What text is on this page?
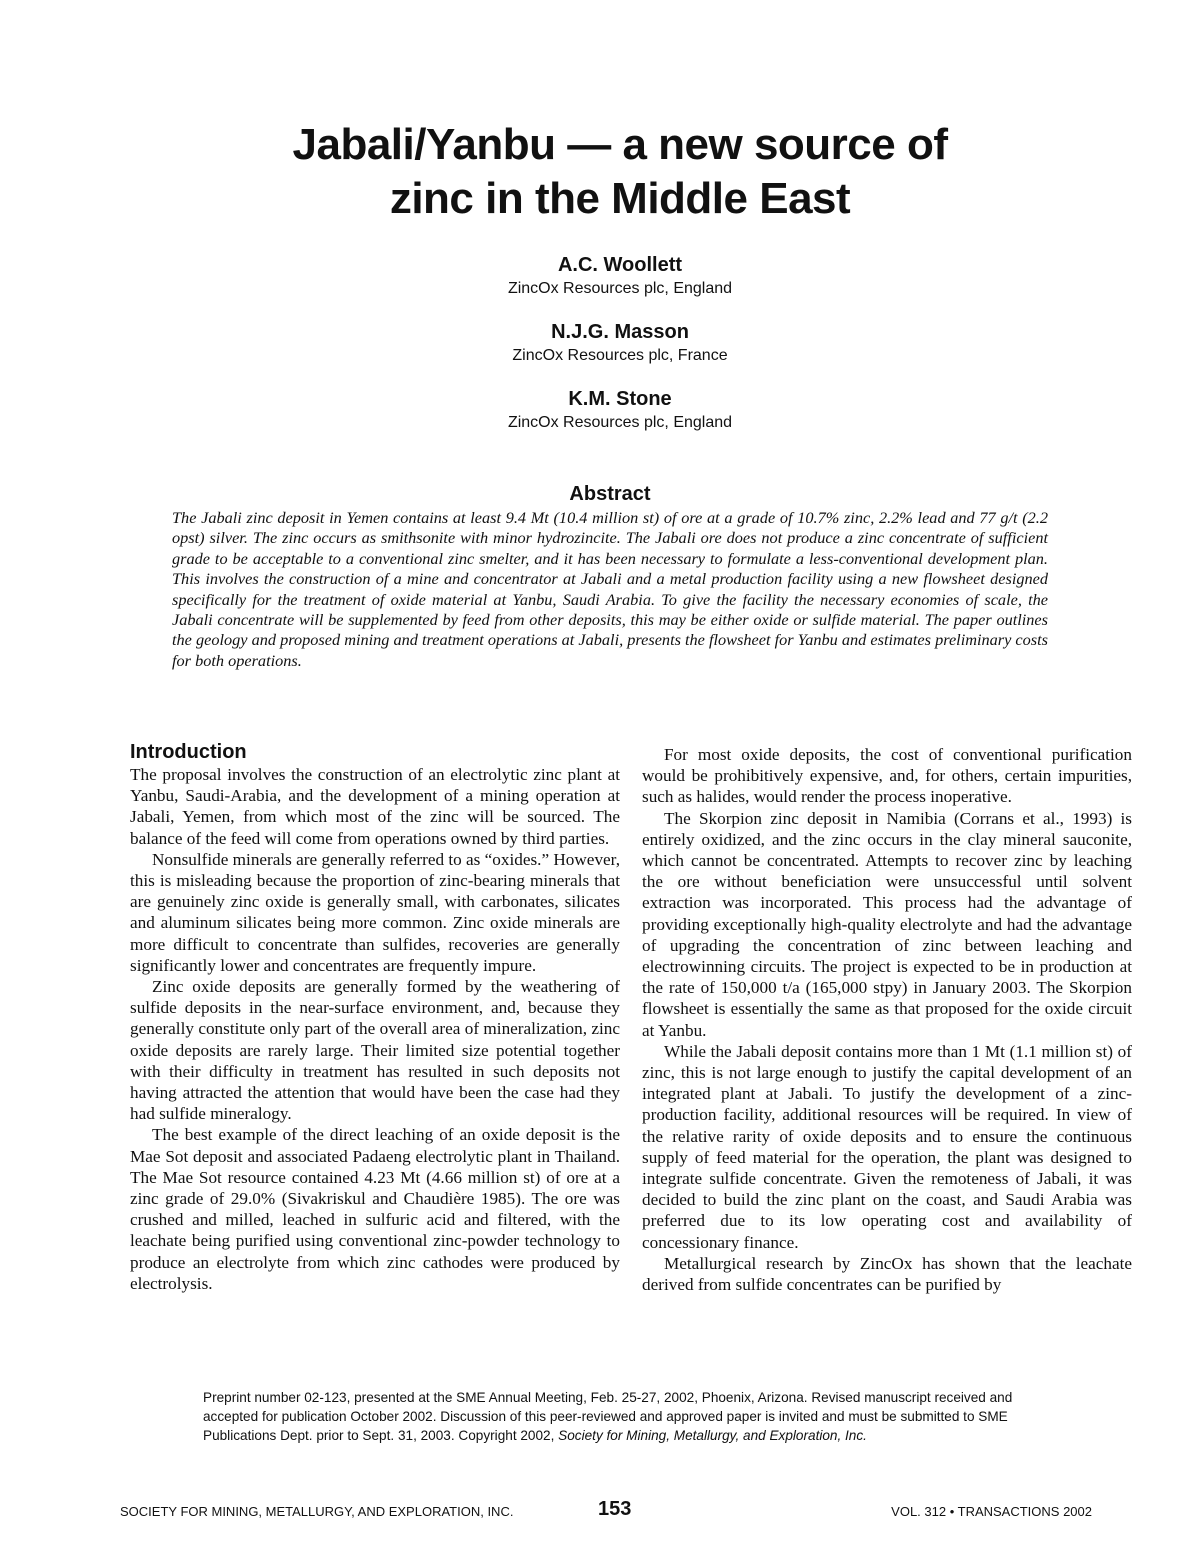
Jabali/Yanbu — a new source of
zinc in the Middle East
A.C. Woollett
ZincOx Resources plc, England
N.J.G. Masson
ZincOx Resources plc, France
K.M. Stone
ZincOx Resources plc, England
Abstract

The Jabali zinc deposit in Yemen contains at least 9.4 Mt (10.4 million st) of ore at a grade of 10.7% zinc, 2.2% lead and 77 g/t (2.2 opst) silver. The zinc occurs as smithsonite with minor hydrozincite. The Jabali ore does not produce a zinc concentrate of sufficient grade to be acceptable to a conventional zinc smelter, and it has been necessary to formulate a less-conventional development plan. This involves the construction of a mine and concentrator at Jabali and a metal production facility using a new flowsheet designed specifically for the treatment of oxide material at Yanbu, Saudi Arabia. To give the facility the necessary economies of scale, the Jabali concentrate will be supplemented by feed from other deposits, this may be either oxide or sulfide material. The paper outlines the geology and proposed mining and treatment operations at Jabali, presents the flowsheet for Yanbu and estimates preliminary costs for both operations.

Introduction

The proposal involves the construction of an electrolytic zinc plant at Yanbu, Saudi-Arabia, and the development of a mining operation at Jabali, Yemen, from which most of the zinc will be sourced. The balance of the feed will come from operations owned by third parties.

Nonsulfide minerals are generally referred to as “oxides.” However, this is misleading because the proportion of zinc-bearing minerals that are genuinely zinc oxide is generally small, with carbonates, silicates and aluminum silicates being more common. Zinc oxide minerals are more difficult to concentrate than sulfides, recoveries are generally significantly lower and concentrates are frequently impure.

Zinc oxide deposits are generally formed by the weathering of sulfide deposits in the near-surface environment, and, because they generally constitute only part of the overall area of mineralization, zinc oxide deposits are rarely large. Their limited size potential together with their difficulty in treatment has resulted in such deposits not having attracted the attention that would have been the case had they had sulfide mineralogy.

The best example of the direct leaching of an oxide deposit is the Mae Sot deposit and associated Padaeng electrolytic plant in Thailand. The Mae Sot resource contained 4.23 Mt (4.66 million st) of ore at a zinc grade of 29.0% (Sivakriskul and Chaudière 1985). The ore was crushed and milled, leached in sulfuric acid and filtered, with the leachate being purified using conventional zinc-powder technology to produce an electrolyte from which zinc cathodes were produced by electrolysis.

For most oxide deposits, the cost of conventional purification would be prohibitively expensive, and, for others, certain impurities, such as halides, would render the process inoperative.

The Skorpion zinc deposit in Namibia (Corrans et al., 1993) is entirely oxidized, and the zinc occurs in the clay mineral sauconite, which cannot be concentrated. Attempts to recover zinc by leaching the ore without beneficiation were unsuccessful until solvent extraction was incorporated. This process had the advantage of providing exceptionally high-quality electrolyte and had the advantage of upgrading the concentration of zinc between leaching and electrowinning circuits. The project is expected to be in production at the rate of 150,000 t/a (165,000 stpy) in January 2003. The Skorpion flowsheet is essentially the same as that proposed for the oxide circuit at Yanbu.

While the Jabali deposit contains more than 1 Mt (1.1 million st) of zinc, this is not large enough to justify the capital development of an integrated plant at Jabali. To justify the development of a zinc-production facility, additional resources will be required. In view of the relative rarity of oxide deposits and to ensure the continuous supply of feed material for the operation, the plant was designed to integrate sulfide concentrate. Given the remoteness of Jabali, it was decided to build the zinc plant on the coast, and Saudi Arabia was preferred due to its low operating cost and availability of concessionary finance.

Metallurgical research by ZincOx has shown that the leachate derived from sulfide concentrates can be purified by

Preprint number 02-123, presented at the SME Annual Meeting, Feb. 25-27, 2002, Phoenix, Arizona. Revised manuscript received and accepted for publication October 2002. Discussion of this peer-reviewed and approved paper is invited and must be submitted to SME Publications Dept. prior to Sept. 31, 2003. Copyright 2002, Society for Mining, Metallurgy, and Exploration, Inc.
SOCIETY FOR MINING, METALLURGY, AND EXPLORATION, INC.	153	VOL. 312 • TRANSACTIONS 2002
